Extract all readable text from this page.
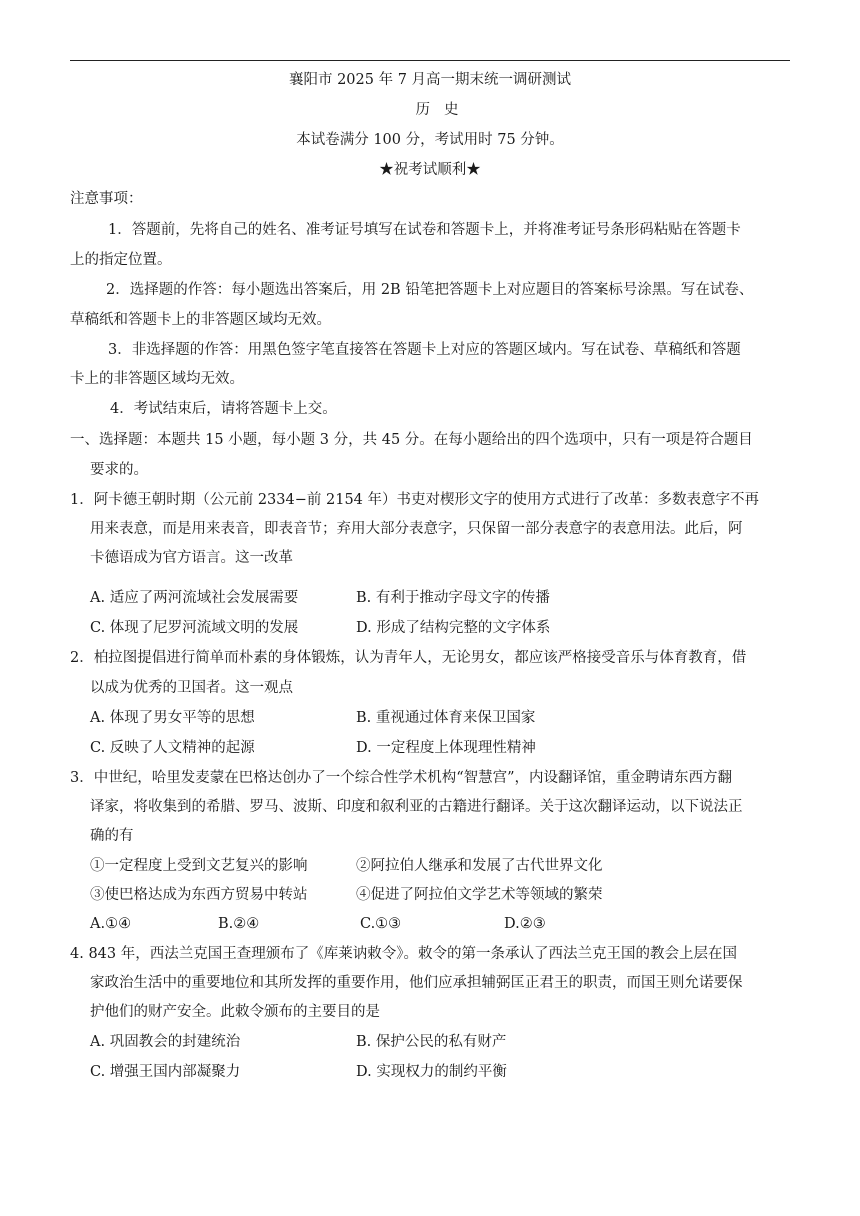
襄阳市 2025 年 7 月高一期末统一调研测试
历史
本试卷满分 100 分，考试用时 75 分钟。
★祝考试顺利★
注意事项：
1．答题前，先将自己的姓名、准考证号填写在试卷和答题卡上，并将准考证号条形码粘贴在答题卡
上的指定位置。
2．选择题的作答：每小题选出答案后，用 2B 铅笔把答题卡上对应题目的答案标号涂黑。写在试卷、
草稿纸和答题卡上的非答题区域均无效。
3．非选择题的作答：用黑色签字笔直接答在答题卡上对应的答题区域内。写在试卷、草稿纸和答题
卡上的非答题区域均无效。
4．考试结束后，请将答题卡上交。
一、选择题：本题共 15 小题，每小题 3 分，共 45 分。在每小题给出的四个选项中，只有一项是符合题目
要求的。
1．阿卡德王朝时期（公元前 2334−前 2154 年）书吏对楔形文字的使用方式进行了改革：多数表意字不再
用来表意，而是用来表音，即表音节；弃用大部分表意字，只保留一部分表意字的表意用法。此后，阿
卡德语成为官方语言。这一改革
A. 适应了两河流域社会发展需要	B. 有利于推动字母文字的传播
C. 体现了尼罗河流域文明的发展	D. 形成了结构完整的文字体系
2．柏拉图提倡进行简单而朴素的身体锻炼，认为青年人，无论男女，都应该严格接受音乐与体育教育，借
以成为优秀的卫国者。这一观点
A. 体现了男女平等的思想	B. 重视通过体育来保卫国家
C. 反映了人文精神的起源	D. 一定程度上体现理性精神
3．中世纪，哈里发麦蒙在巴格达创办了一个综合性学术机构“智慧宫”，内设翻译馆，重金聘请东西方翻
译家，将收集到的希腊、罗马、波斯、印度和叙利亚的古籍进行翻译。关于这次翻译运动，以下说法正
确的有
①一定程度上受到文艺复兴的影响	②阿拉伯人继承和发展了古代世界文化
③使巴格达成为东西方贸易中转站	④促进了阿拉伯文学艺术等领域的繁荣
A.①④	B.②④	C.①③	D.②③
4. 843 年，西法兰克国王查理颁布了《库莱讷敕令》。敕令的第一条承认了西法兰克王国的教会上层在国
家政治生活中的重要地位和其所发挥的重要作用，他们应承担辅弼匡正君王的职责，而国王则允诺要保
护他们的财产安全。此敕令颁布的主要目的是
A. 巩固教会的封建统治	B. 保护公民的私有财产
C. 增强王国内部凝聚力	D. 实现权力的制约平衡
